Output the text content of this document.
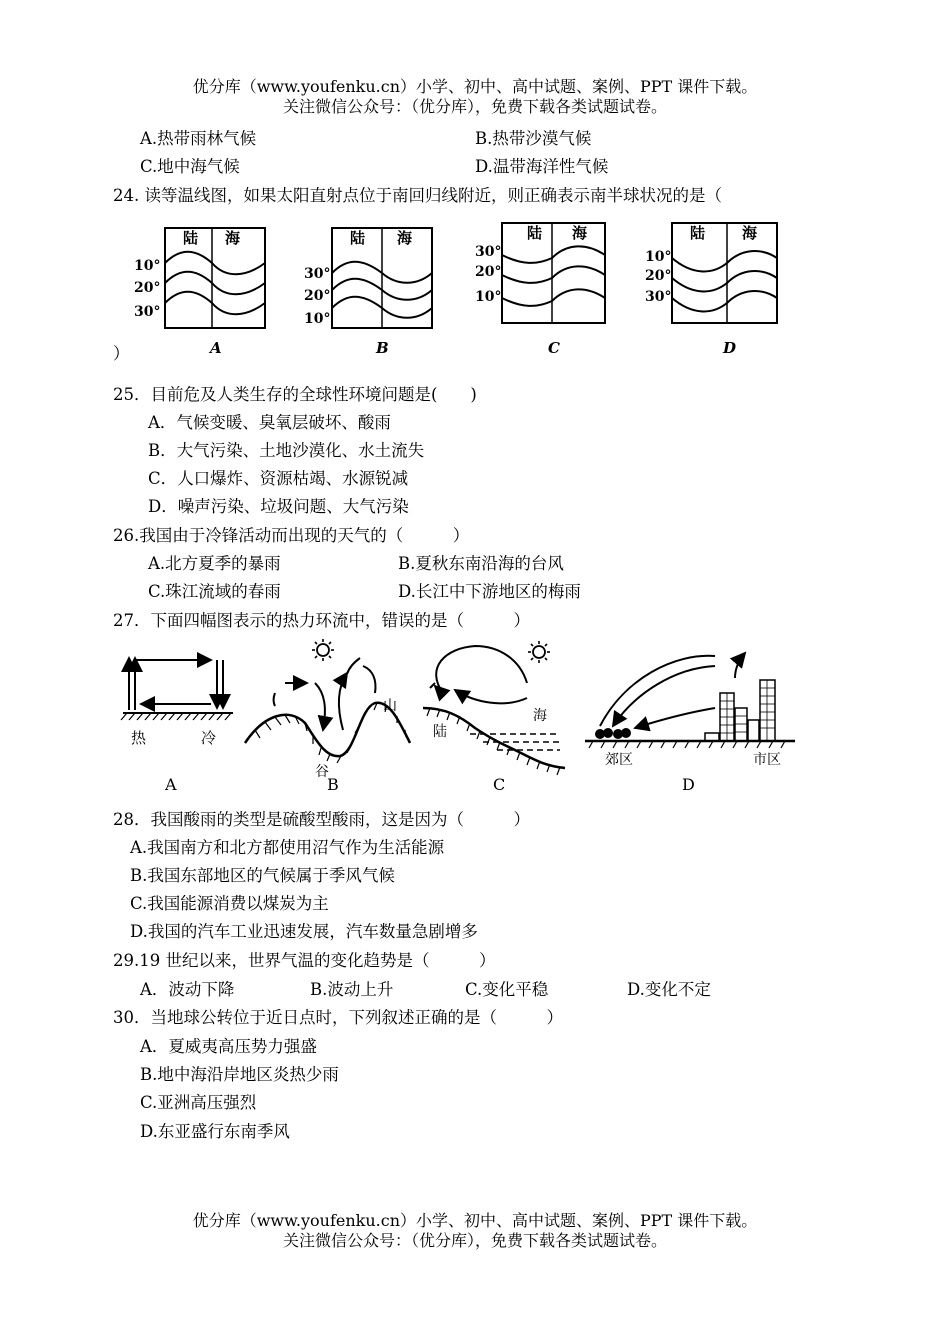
优分库（www.youfenku.cn）小学、初中、高中试题、案例、PPT 课件下载。
关注微信公众号：（优分库），免费下载各类试题试卷。
A.热带雨林气候	B.热带沙漠气候
C.地中海气候	D.温带海洋性气候
24. 读等温线图，如果太阳直射点位于南回归线附近，则正确表示南半球状况的是（
陆 海
10°
20°
30°
A
陆 海
30°
20°
10°
B
陆 海
30°
20°
10°
C
陆 海
10°
20°
30°
D
）
25．目前危及人类生存的全球性环境问题是(　　)
A．气候变暖、臭氧层破坏、酸雨
B．大气污染、土地沙漠化、水土流失
C．人口爆炸、资源枯竭、水源锐减
D．噪声污染、垃圾问题、大气污染
26.我国由于冷锋活动而出现的天气的（　　　）
A.北方夏季的暴雨	B.夏秋东南沿海的台风
C.珠江流域的春雨	D.长江中下游地区的梅雨
27．下面四幅图表示的热力环流中，错误的是（　　　）
热	冷
A
山
谷
B
陆
海
C
郊区	市区
D
28．我国酸雨的类型是硫酸型酸雨，这是因为（　　　）
A.我国南方和北方都使用沼气作为生活能源
B.我国东部地区的气候属于季风气候
C.我国能源消费以煤炭为主
D.我国的汽车工业迅速发展，汽车数量急剧增多
29.19 世纪以来，世界气温的变化趋势是（　　　）
A．波动下降	B.波动上升	C.变化平稳	D.变化不定
30．当地球公转位于近日点时，下列叙述正确的是（　　　）
A．夏威夷高压势力强盛
B.地中海沿岸地区炎热少雨
C.亚洲高压强烈
D.东亚盛行东南季风
优分库（www.youfenku.cn）小学、初中、高中试题、案例、PPT 课件下载。
关注微信公众号：（优分库），免费下载各类试题试卷。
